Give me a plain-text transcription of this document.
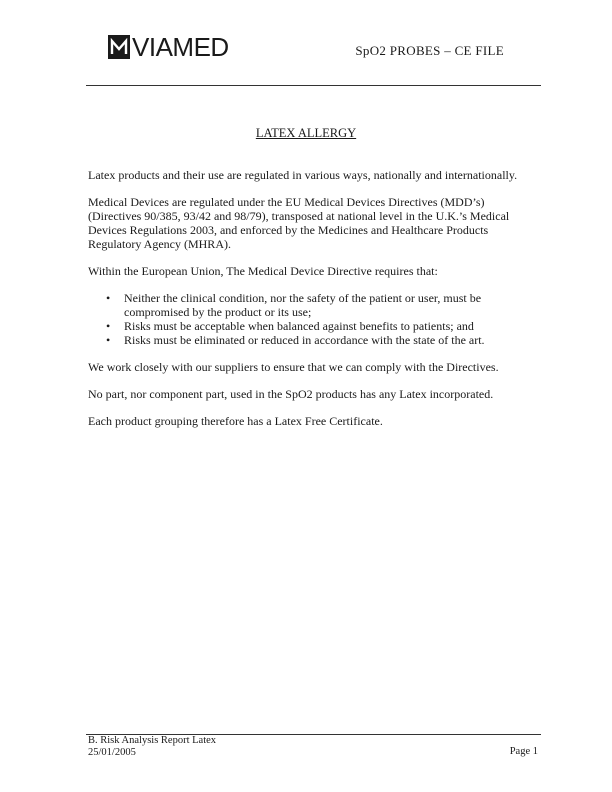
VIAMED	SpO2 PROBES – CE FILE
LATEX ALLERGY

Latex products and their use are regulated in various ways, nationally and internationally.

Medical Devices are regulated under the EU Medical Devices Directives (MDD’s) (Directives 90/385, 93/42 and 98/79), transposed at national level in the U.K.’s Medical Devices Regulations 2003, and enforced by the Medicines and Healthcare Products Regulatory Agency (MHRA).

Within the European Union, The Medical Device Directive requires that:

• Neither the clinical condition, nor the safety of the patient or user, must be compromised by the product or its use;
• Risks must be acceptable when balanced against benefits to patients; and
• Risks must be eliminated or reduced in accordance with the state of the art.

We work closely with our suppliers to ensure that we can comply with the Directives.

No part, nor component part, used in the SpO2 products has any Latex incorporated.

Each product grouping therefore has a Latex Free Certificate.

B. Risk Analysis Report Latex
25/01/2005	Page 1
